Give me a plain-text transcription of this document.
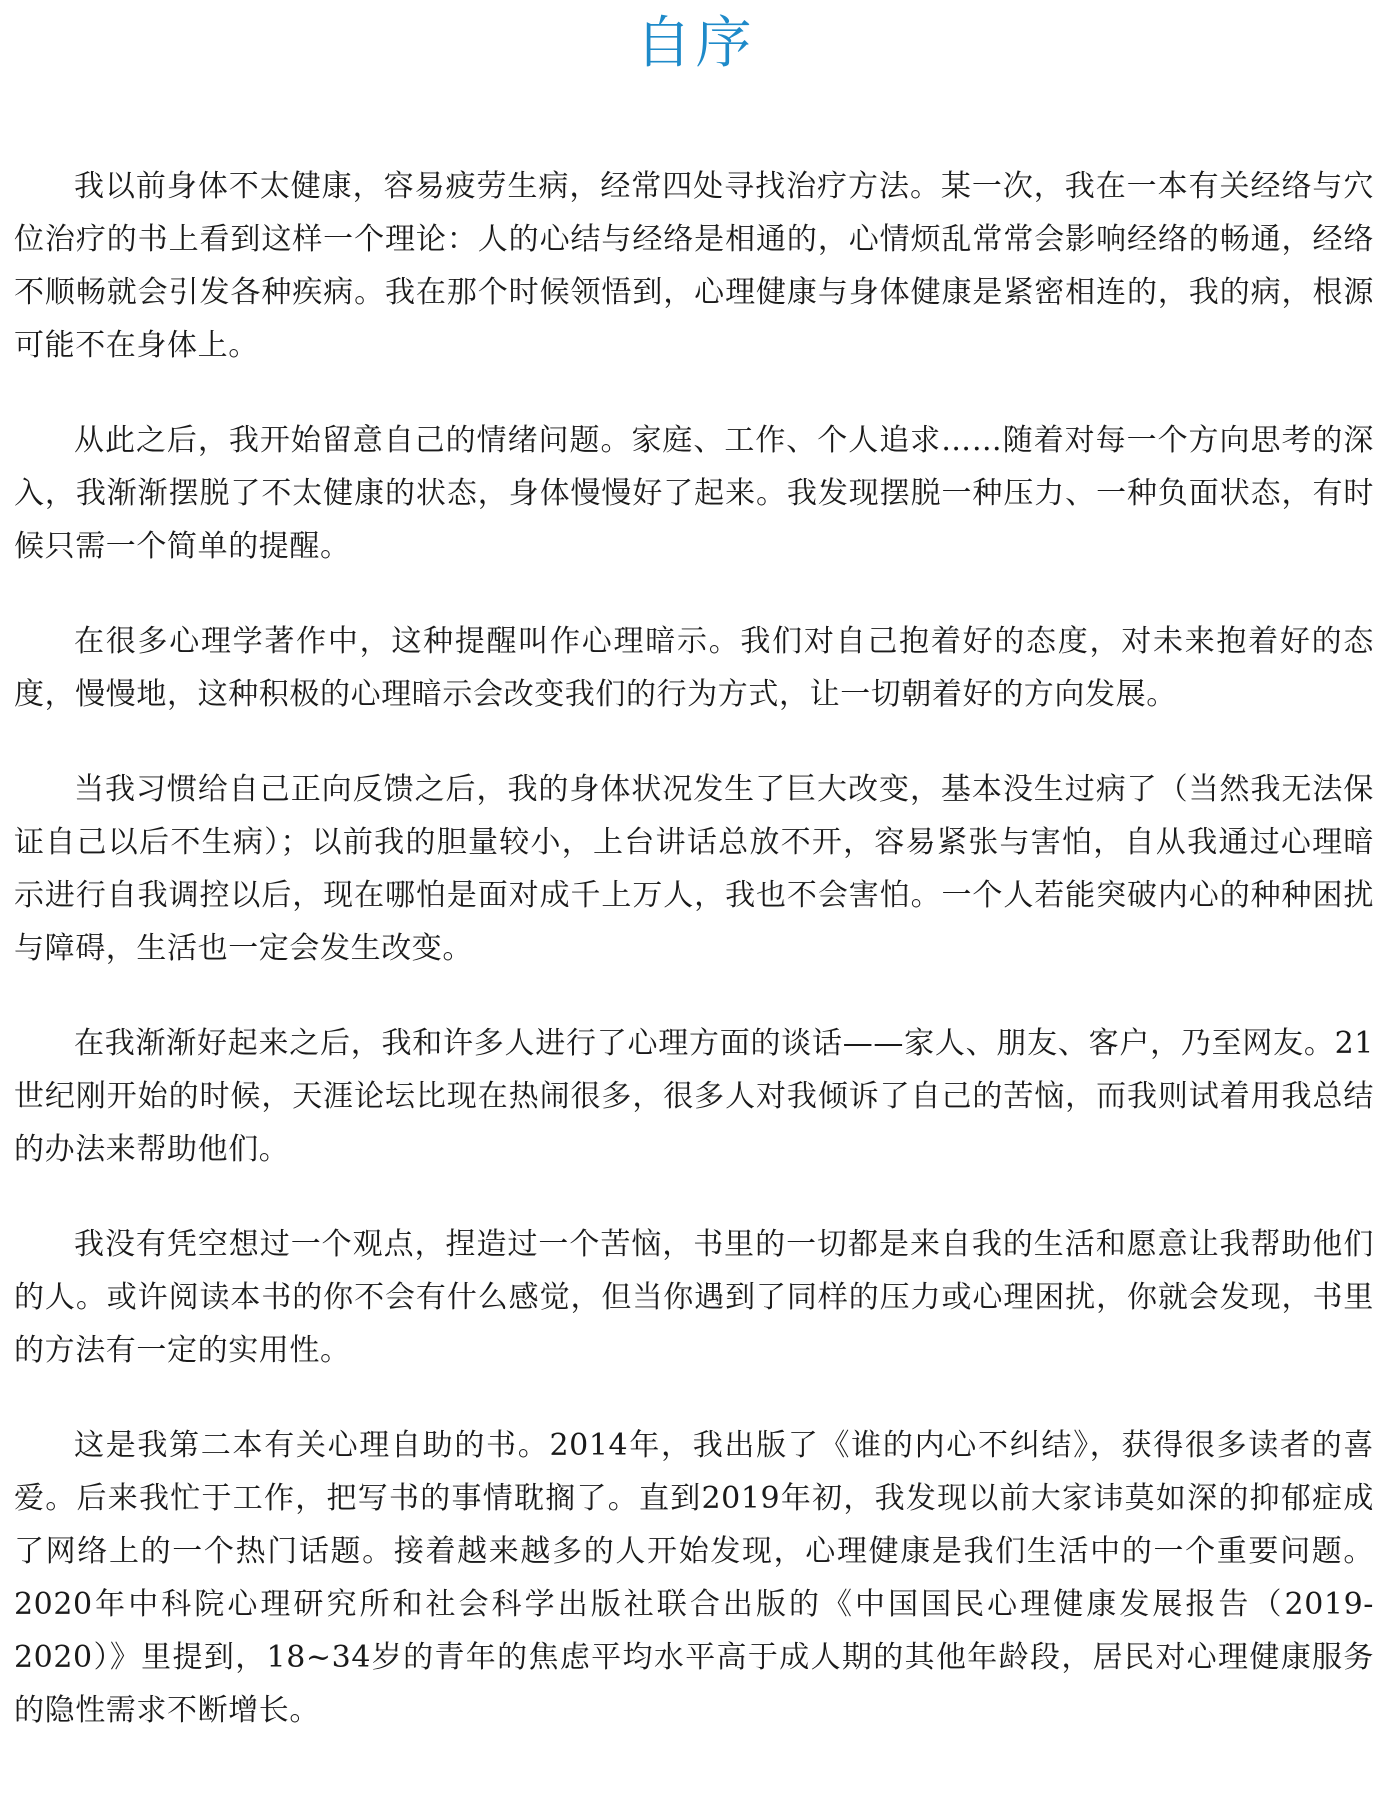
自序

我以前身体不太健康，容易疲劳生病，经常四处寻找治疗方法。某一次，我在一本有关经络与穴位治疗的书上看到这样一个理论：人的心结与经络是相通的，心情烦乱常常会影响经络的畅通，经络不顺畅就会引发各种疾病。我在那个时候领悟到，心理健康与身体健康是紧密相连的，我的病，根源可能不在身体上。

从此之后，我开始留意自己的情绪问题。家庭、工作、个人追求……随着对每一个方向思考的深入，我渐渐摆脱了不太健康的状态，身体慢慢好了起来。我发现摆脱一种压力、一种负面状态，有时候只需一个简单的提醒。

在很多心理学著作中，这种提醒叫作心理暗示。我们对自己抱着好的态度，对未来抱着好的态度，慢慢地，这种积极的心理暗示会改变我们的行为方式，让一切朝着好的方向发展。

当我习惯给自己正向反馈之后，我的身体状况发生了巨大改变，基本没生过病了（当然我无法保证自己以后不生病）；以前我的胆量较小，上台讲话总放不开，容易紧张与害怕，自从我通过心理暗示进行自我调控以后，现在哪怕是面对成千上万人，我也不会害怕。一个人若能突破内心的种种困扰与障碍，生活也一定会发生改变。

在我渐渐好起来之后，我和许多人进行了心理方面的谈话——家人、朋友、客户，乃至网友。21世纪刚开始的时候，天涯论坛比现在热闹很多，很多人对我倾诉了自己的苦恼，而我则试着用我总结的办法来帮助他们。

我没有凭空想过一个观点，捏造过一个苦恼，书里的一切都是来自我的生活和愿意让我帮助他们的人。或许阅读本书的你不会有什么感觉，但当你遇到了同样的压力或心理困扰，你就会发现，书里的方法有一定的实用性。

这是我第二本有关心理自助的书。2014年，我出版了《谁的内心不纠结》，获得很多读者的喜爱。后来我忙于工作，把写书的事情耽搁了。直到2019年初，我发现以前大家讳莫如深的抑郁症成了网络上的一个热门话题。接着越来越多的人开始发现，心理健康是我们生活中的一个重要问题。2020年中科院心理研究所和社会科学出版社联合出版的《中国国民心理健康发展报告（2019-2020）》里提到，18~34岁的青年的焦虑平均水平高于成人期的其他年龄段，居民对心理健康服务的隐性需求不断增长。
